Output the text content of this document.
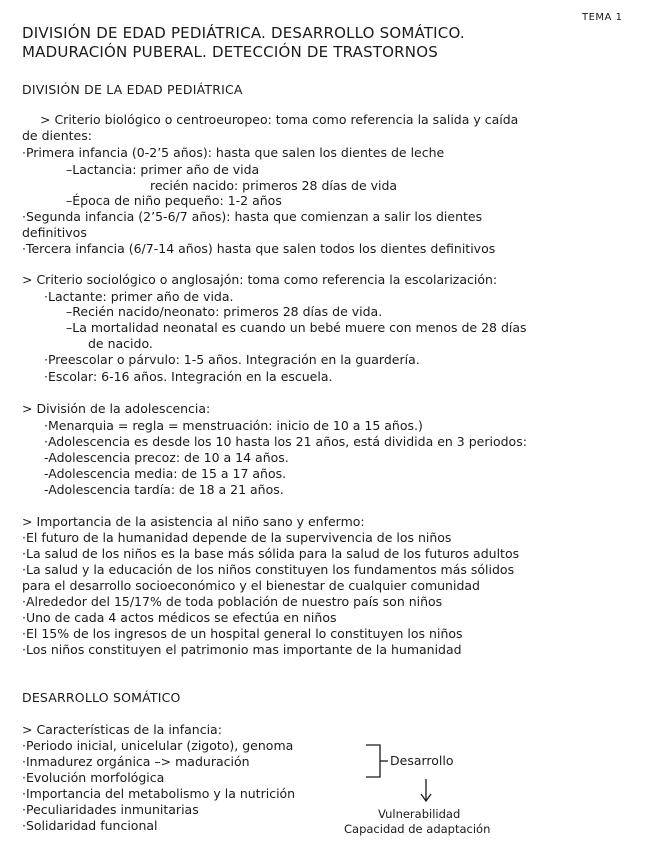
TEMA 1
DIVISIÓN DE EDAD PEDIÁTRICA. DESARROLLO SOMÁTICO.
MADURACIÓN PUBERAL. DETECCIÓN DE TRASTORNOS
DIVISIÓN DE LA EDAD PEDIÁTRICA
> Criterio biológico o centroeuropeo: toma como referencia la salida y caída
de dientes:
·Primera infancia (0-2’5 años): hasta que salen los dientes de leche
–Lactancia: primer año de vida
recién nacido: primeros 28 días de vida
–Época de niño pequeño: 1-2 años
·Segunda infancia (2’5-6/7 años): hasta que comienzan a salir los dientes
definitivos
·Tercera infancia (6/7-14 años) hasta que salen todos los dientes definitivos
> Criterio sociológico o anglosajón: toma como referencia la escolarización:
·Lactante: primer año de vida.
–Recién nacido/neonato: primeros 28 días de vida.
–La mortalidad neonatal es cuando un bebé muere con menos de 28 días
de nacido.
·Preescolar o párvulo: 1-5 años. Integración en la guardería.
·Escolar: 6-16 años. Integración en la escuela.
> División de la adolescencia:
·Menarquia = regla = menstruación: inicio de 10 a 15 años.)
·Adolescencia es desde los 10 hasta los 21 años, está dividida en 3 periodos:
-Adolescencia precoz: de 10 a 14 años.
-Adolescencia media: de 15 a 17 años.
-Adolescencia tardía: de 18 a 21 años.
> Importancia de la asistencia al niño sano y enfermo:
·El futuro de la humanidad depende de la supervivencia de los niños
·La salud de los niños es la base más sólida para la salud de los futuros adultos
·La salud y la educación de los niños constituyen los fundamentos más sólidos
para el desarrollo socioeconómico y el bienestar de cualquier comunidad
·Alrededor del 15/17% de toda población de nuestro país son niños
·Uno de cada 4 actos médicos se efectúa en niños
·El 15% de los ingresos de un hospital general lo constituyen los niños
·Los niños constituyen el patrimonio mas importante de la humanidad
DESARROLLO SOMÁTICO
> Características de la infancia:
·Periodo inicial, unicelular (zigoto), genoma
·Inmadurez orgánica –> maduración
·Evolución morfológica
·Importancia del metabolismo y la nutrición
·Peculiaridades inmunitarias
·Solidaridad funcional
Desarrollo
Vulnerabilidad
Capacidad de adaptación
